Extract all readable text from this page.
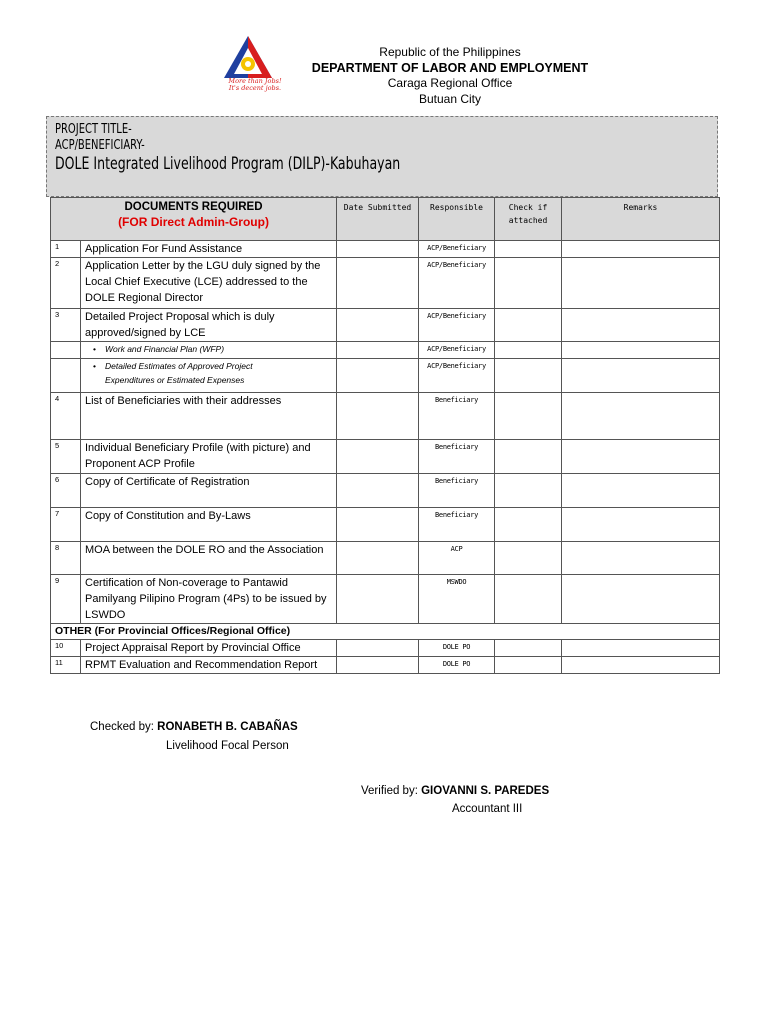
More than Jobs!
It's decent jobs.
Republic of the Philippines
DEPARTMENT OF LABOR AND EMPLOYMENT
Caraga Regional Office
Butuan City
PROJECT TITLE-
ACP/BENEFICIARY-
DOLE Integrated Livelihood Program (DILP)-Kabuhayan
DOCUMENTS REQUIRED
(FOR Direct Admin-Group)		Date Submitted	Responsible	Check if attached	Remarks
1	Application For Fund Assistance		ACP/Beneficiary		
2	Application Letter by the LGU duly signed by the Local Chief Executive (LCE) addressed to the DOLE Regional Director		ACP/Beneficiary		
3	Detailed Project Proposal which is duly approved/signed by LCE		ACP/Beneficiary		
	• Work and Financial Plan (WFP)		ACP/Beneficiary		
	• Detailed Estimates of Approved Project
Expenditures or Estimated Expenses		ACP/Beneficiary		
4	List of Beneficiaries with their addresses		Beneficiary		
5	Individual Beneficiary Profile (with picture) and Proponent ACP Profile		Beneficiary		
6	Copy of Certificate of Registration		Beneficiary		
7	Copy of Constitution and By-Laws		Beneficiary		
8	MOA between the DOLE RO and the Association		ACP		
9	Certification of Non-coverage to Pantawid Pamilyang Pilipino Program (4Ps) to be issued by LSWDO		MSWDO		
OTHER (For Provincial Offices/Regional Office)					
10	Project Appraisal Report by Provincial Office		DOLE PO		
11	RPMT Evaluation and Recommendation Report		DOLE PO		
Checked by: RONABETH B. CABAÑAS
Livelihood Focal Person
Verified by: GIOVANNI S. PAREDES
Accountant III
